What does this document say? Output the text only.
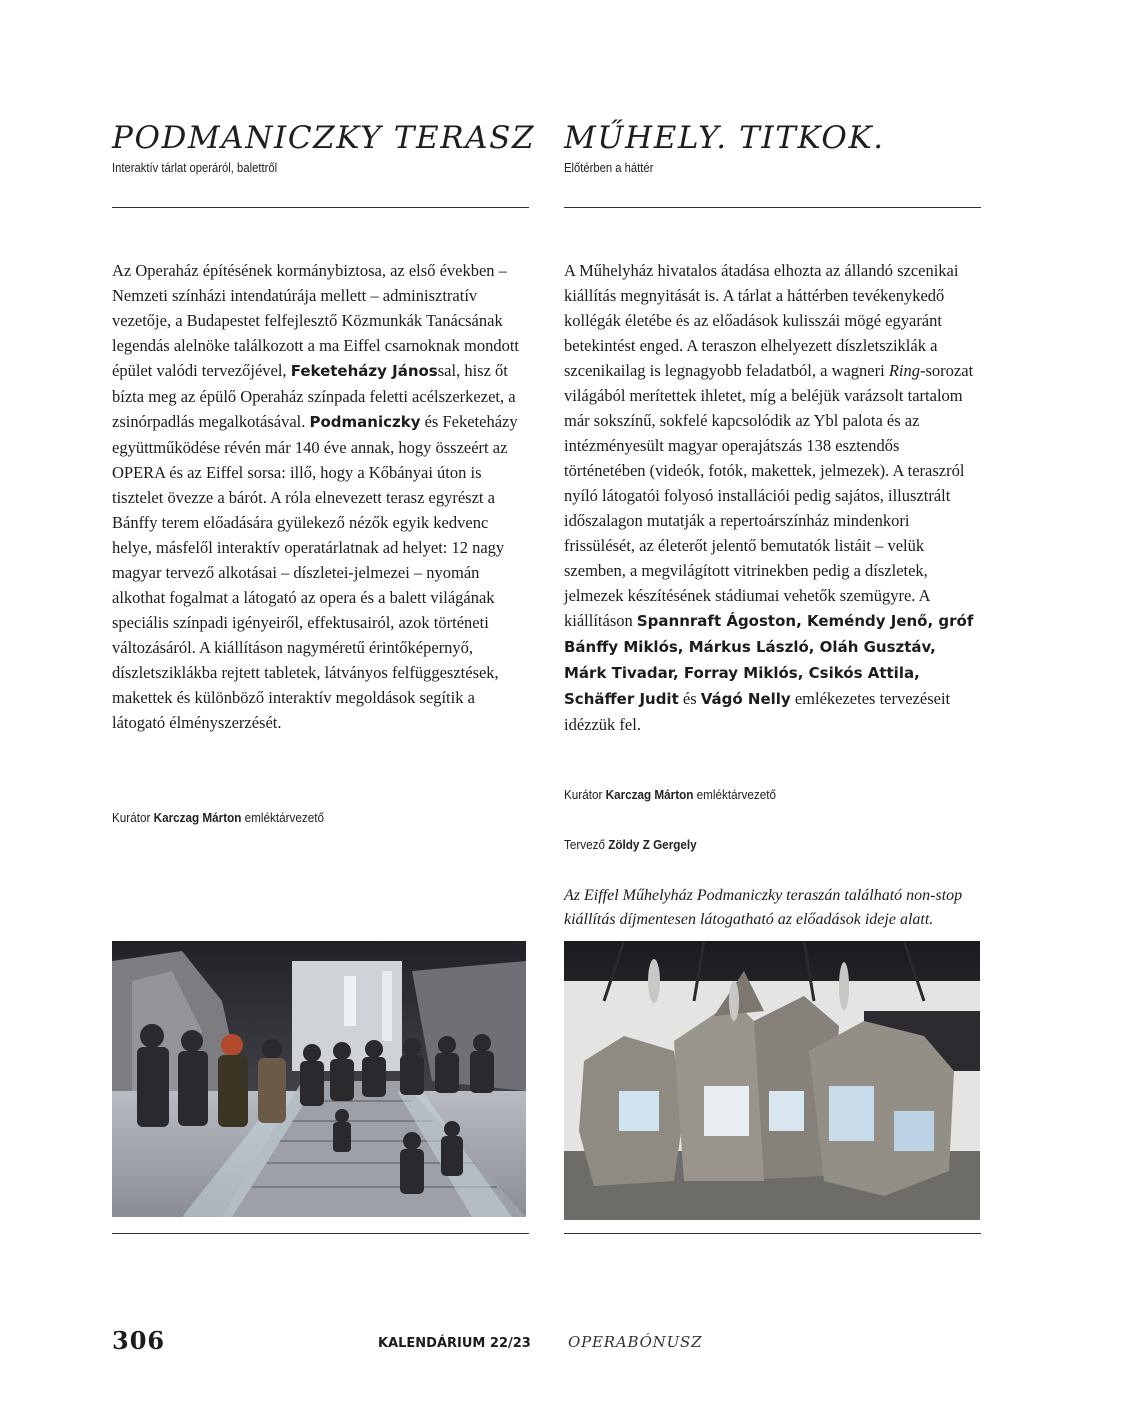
PODMANICZKY TERASZ

Interaktív tárlat operáról, balettről

Az Operaház építésének kormánybiztosa, az első években – Nemzeti színházi intendatúrája mellett – adminisztratív vezetője, a Budapestet felfejlesztő Közmunkák Tanácsának legendás alelnöke találkozott a ma Eiffel csarnoknak mondott épület valódi tervezőjével, Feketeházy Jánossal, hisz őt bízta meg az épülő Operaház színpada feletti acélszerkezet, a zsinórpadlás megalkotásával. Podmaniczky és Feketeházy együttműködése révén már 140 éve annak, hogy összeért az OPERA és az Eiffel sorsa: illő, hogy a Kőbányai úton is tisztelet övezze a bárót. A róla elnevezett terasz egyrészt a Bánffy terem előadására gyülekező nézők egyik kedvenc helye, másfelől interaktív operatárlatnak ad helyet: 12 nagy magyar tervező alkotásai – díszletei-jelmezei – nyomán alkothat fogalmat a látogató az opera és a balett világának speciális színpadi igényeiről, effektusairól, azok történeti változásáról. A kiállításon nagyméretű érintőképernyő, díszletsziklákba rejtett tabletek, látványos felfüggesztések, makettek és különböző interaktív megoldások segítik a látogató élményszerzését.

Kurátor Karczag Márton emléktárvezető

MŰHELY. TITKOK.

Előtérben a háttér

A Műhelyház hivatalos átadása elhozta az állandó szcenikai kiállítás megnyitását is. A tárlat a háttérben tevékenykedő kollégák életébe és az előadások kulisszái mögé egyaránt betekintést enged. A teraszon elhelyezett díszletsziklák a szcenikailag is legnagyobb feladatból, a wagneri Ring-sorozat világából merítettek ihletet, míg a beléjük varázsolt tartalom már sokszínű, sokfelé kapcsolódik az Ybl palota és az intézményesült magyar operajátszás 138 esztendős történetében (videók, fotók, makettek, jelmezek). A teraszról nyíló látogatói folyosó installációi pedig sajátos, illusztrált időszalagon mutatják a repertoárszínház mindenkori frissülését, az életerőt jelentő bemutatók listáit – velük szemben, a megvilágított vitrinekben pedig a díszletek, jelmezek készítésének stádiumai vehetők szemügyre. A kiállításon Spannraft Ágoston, Keméndy Jenő, gróf Bánffy Miklós, Márkus László, Oláh Gusztáv, Márk Tivadar, Forray Miklós, Csikós Attila, Schäffer Judit és Vágó Nelly emlékezetes tervezéseit idézzük fel.

Kurátor Karczag Márton emléktárvezető

Tervező Zöldy Z Gergely

Az Eiffel Műhelyház Podmaniczky teraszán található non-stop kiállítás díjmentesen látogatható az előadások ideje alatt.

306	KALENDÁRIUM 22/23 OPERABÓNUSZ
